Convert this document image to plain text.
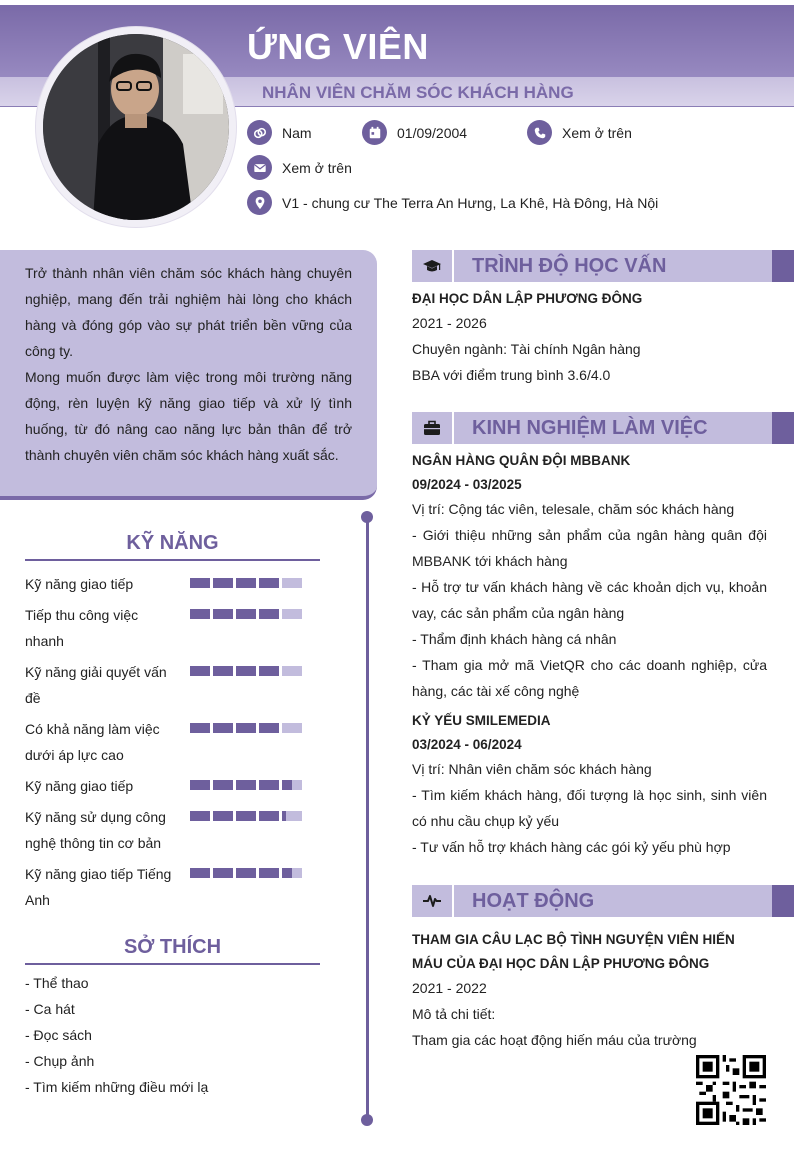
ỨNG VIÊN
NHÂN VIÊN CHĂM SÓC KHÁCH HÀNG
Nam	01/09/2004	Xem ở trên
Xem ở trên
V1 - chung cư The Terra An Hưng, La Khê, Hà Đông, Hà Nội

Trở thành nhân viên chăm sóc khách hàng chuyên nghiệp, mang đến trải nghiệm hài lòng cho khách hàng và đóng góp vào sự phát triển bền vững của công ty.

Mong muốn được làm việc trong môi trường năng động, rèn luyện kỹ năng giao tiếp và xử lý tình huống, từ đó nâng cao năng lực bản thân để trở thành chuyên viên chăm sóc khách hàng xuất sắc.

KỸ NĂNG
Kỹ năng giao tiếp
Tiếp thu công việc nhanh
Kỹ năng giải quyết vấn đề
Có khả năng làm việc dưới áp lực cao
Kỹ năng giao tiếp
Kỹ năng sử dụng công nghệ thông tin cơ bản
Kỹ năng giao tiếp Tiếng Anh
SỞ THÍCH
- Thể thao
- Ca hát
- Đọc sách
- Chụp ảnh
- Tìm kiếm những điều mới lạ
TRÌNH ĐỘ HỌC VẤN
ĐẠI HỌC DÂN LẬP PHƯƠNG ĐÔNG
2021 - 2026
Chuyên ngành: Tài chính Ngân hàng
BBA với điểm trung bình 3.6/4.0
KINH NGHIỆM LÀM VIỆC
NGÂN HÀNG QUÂN ĐỘI MBBANK
09/2024 - 03/2025
Vị trí: Cộng tác viên, telesale, chăm sóc khách hàng
- Giới thiệu những sản phẩm của ngân hàng quân đội MBBANK tới khách hàng
- Hỗ trợ tư vấn khách hàng về các khoản dịch vụ, khoản vay, các sản phẩm của ngân hàng
- Thẩm định khách hàng cá nhân
- Tham gia mở mã VietQR cho các doanh nghiệp, cửa hàng, các tài xế công nghệ
KỶ YẾU SMILEMEDIA
03/2024 - 06/2024
Vị trí: Nhân viên chăm sóc khách hàng
- Tìm kiếm khách hàng, đối tượng là học sinh, sinh viên có nhu cầu chụp kỷ yếu
- Tư vấn hỗ trợ khách hàng các gói kỷ yếu phù hợp
HOẠT ĐỘNG
THAM GIA CÂU LẠC BỘ TÌNH NGUYỆN VIÊN HIẾN MÁU CỦA ĐẠI HỌC DÂN LẬP PHƯƠNG ĐÔNG
2021 - 2022
Mô tả chi tiết:
Tham gia các hoạt động hiến máu của trường
